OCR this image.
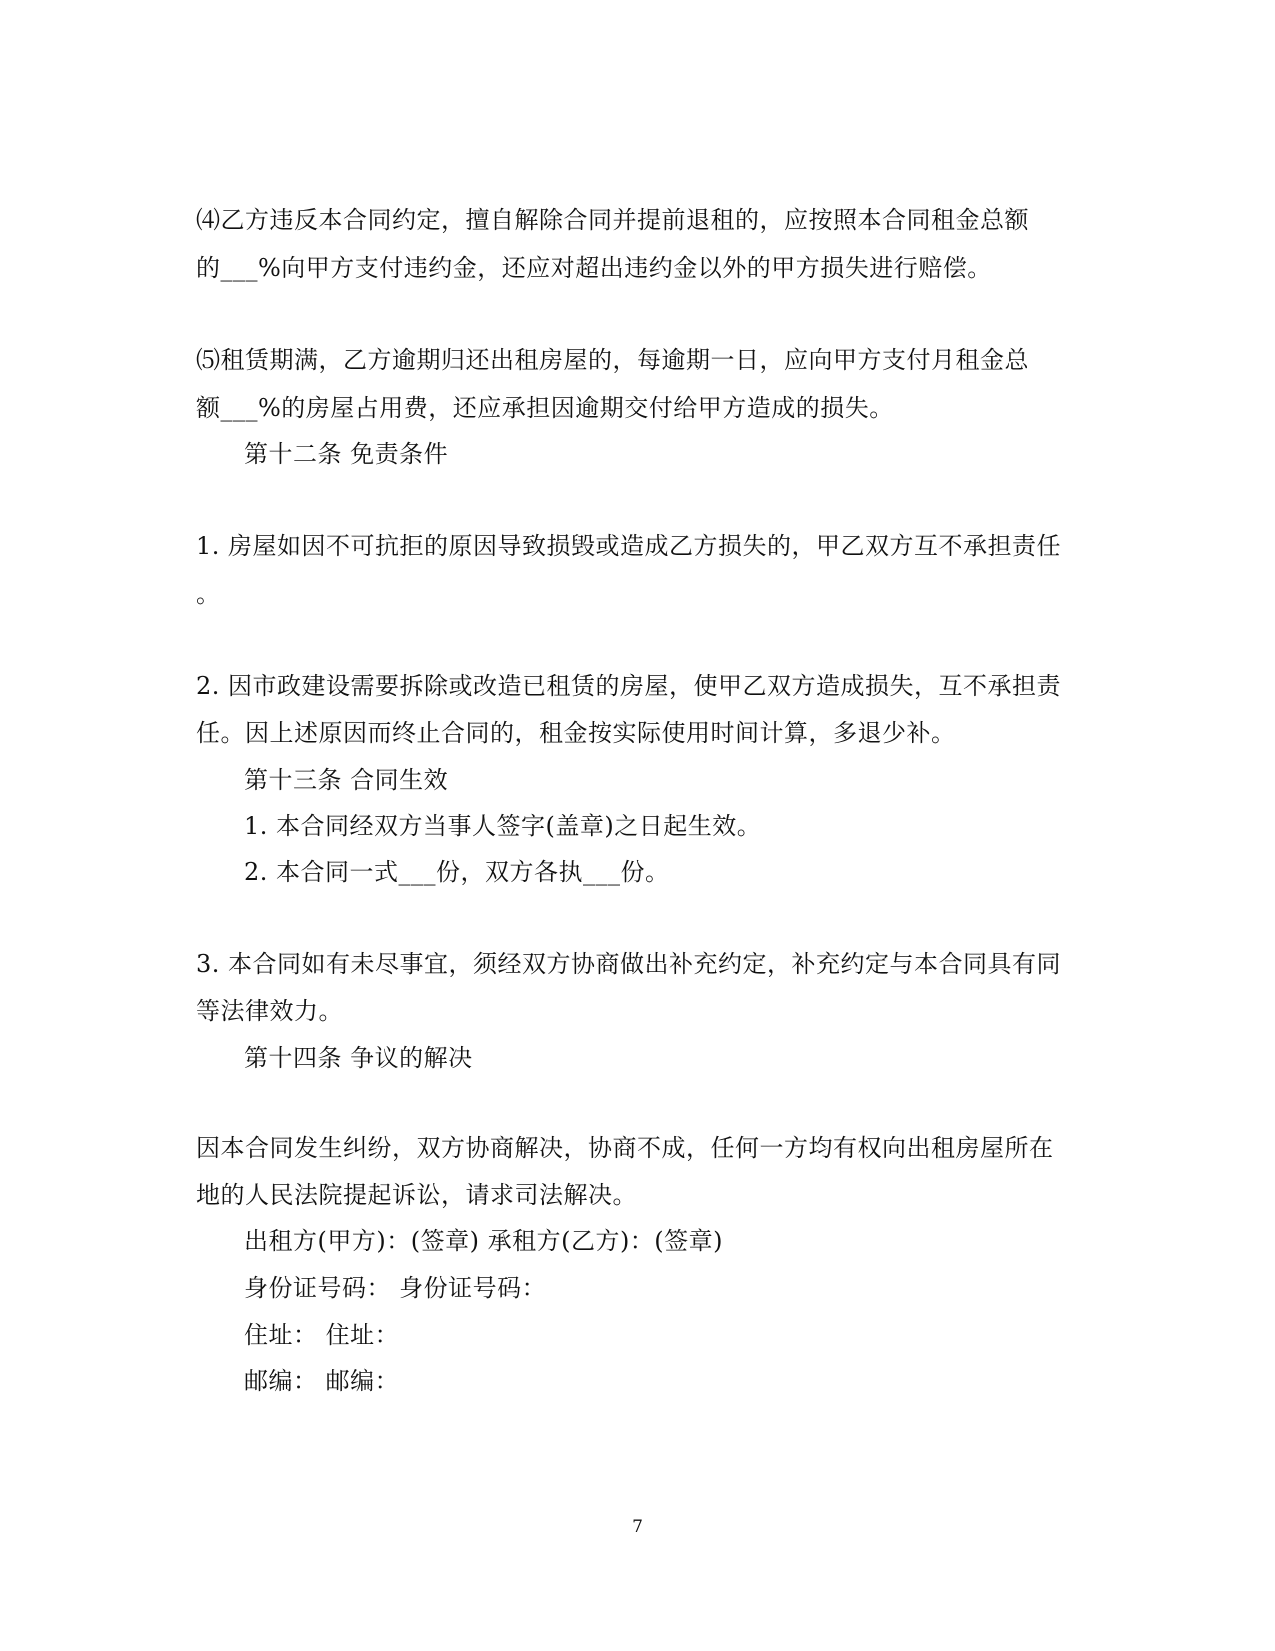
⑷乙方违反本合同约定，擅自解除合同并提前退租的，应按照本合同租金总额
的___%向甲方支付违约金，还应对超出违约金以外的甲方损失进行赔偿。
⑸租赁期满，乙方逾期归还出租房屋的，每逾期一日，应向甲方支付月租金总
额___%的房屋占用费，还应承担因逾期交付给甲方造成的损失。
第十二条 免责条件
1. 房屋如因不可抗拒的原因导致损毁或造成乙方损失的，甲乙双方互不承担责任
。
2. 因市政建设需要拆除或改造已租赁的房屋，使甲乙双方造成损失，互不承担责
任。因上述原因而终止合同的，租金按实际使用时间计算，多退少补。
第十三条 合同生效
1. 本合同经双方当事人签字(盖章)之日起生效。
2. 本合同一式___份，双方各执___份。
3. 本合同如有未尽事宜，须经双方协商做出补充约定，补充约定与本合同具有同
等法律效力。
第十四条 争议的解决
因本合同发生纠纷，双方协商解决，协商不成，任何一方均有权向出租房屋所在
地的人民法院提起诉讼，请求司法解决。
出租方(甲方)：(签章) 承租方(乙方)：(签章)
身份证号码： 身份证号码：
住址： 住址：
邮编： 邮编：
7
